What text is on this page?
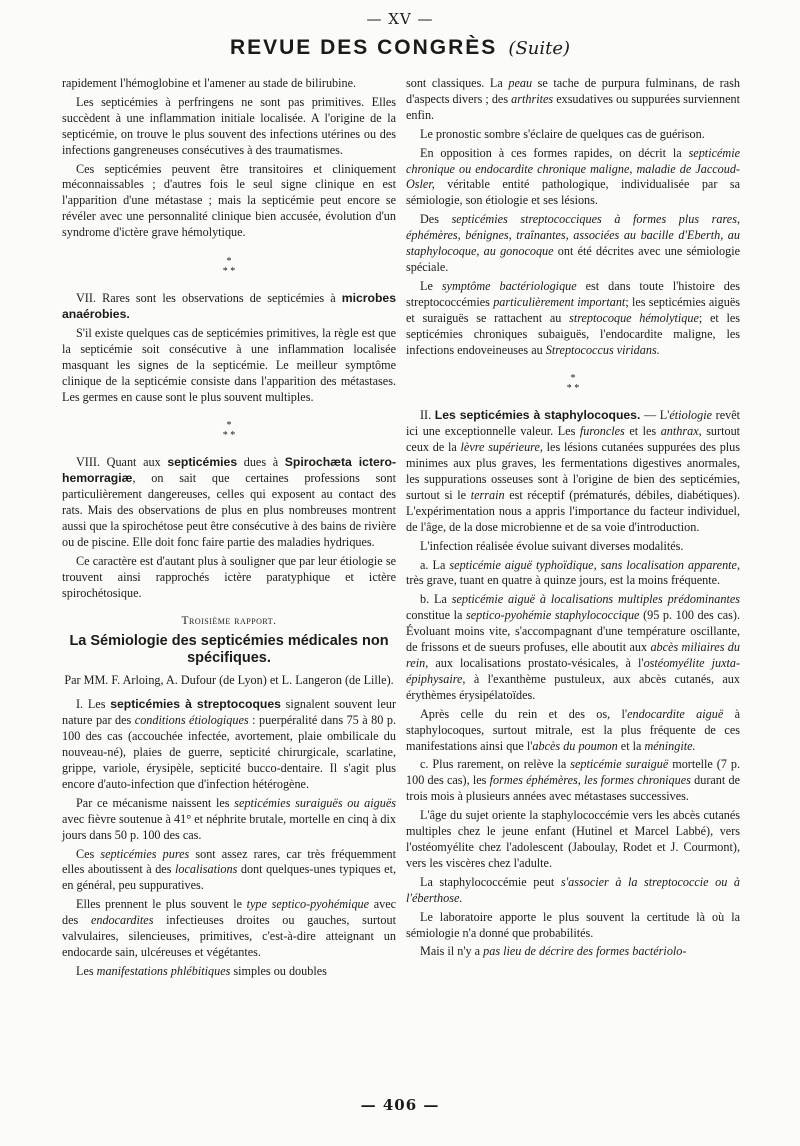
— XV —
REVUE DES CONGRÈS (Suite)

rapidement l'hémoglobine et l'amener au stade de bilirubine.

Les septicémies à perfringens ne sont pas primitives. Elles succèdent à une inflammation initiale localisée. A l'origine de la septicémie, on trouve le plus souvent des infections utérines ou des infections gangreneuses consécutives à des traumatismes.

Ces septicémies peuvent être transitoires et cliniquement méconnaissables ; d'autres fois le seul signe clinique en est l'apparition d'une métastase ; mais la septicémie peut encore se révéler avec une personnalité clinique bien accusée, évolution d'un syndrome d'ictère grave hémolytique.

*
* *

VII. Rares sont les observations de septicémies à microbes anaérobies.

S'il existe quelques cas de septicémies primitives, la règle est que la septicémie soit consécutive à une inflammation localisée masquant les signes de la septicémie. Le meilleur symptôme clinique de la septicémie consiste dans l'apparition des métastases. Les germes en cause sont le plus souvent multiples.

*
* *

VIII. Quant aux septicémies dues à Spirochæta ictero-hemorragiæ, on sait que certaines professions sont particulièrement dangereuses, celles qui exposent au contact des rats. Mais des observations de plus en plus nombreuses montrent aussi que la spirochétose peut être consécutive à des bains de rivière ou de piscine. Elle doit fonc faire partie des maladies hydriques.

Ce caractère est d'autant plus à souligner que par leur étiologie se trouvent ainsi rapprochés ictère paratyphique et ictère spirochétosique.

Troisième rapport.
La Sémiologie des septicémies médicales non spécifiques.
Par MM. F. Arloing, A. Dufour (de Lyon) et L. Langeron (de Lille).

I. Les septicémies à streptocoques signalent souvent leur nature par des conditions étiologiques : puerpéralité dans 75 à 80 p. 100 des cas (accouchée infectée, avortement, plaie ombilicale du nouveau-né), plaies de guerre, septicité chirurgicale, scarlatine, grippe, variole, érysipèle, septicité bucco-dentaire. Il s'agit plus encore d'auto-infection que d'infection hétérogène.

Par ce mécanisme naissent les septicémies suraiguës ou aiguës avec fièvre soutenue à 41° et néphrite brutale, mortelle en cinq à dix jours dans 50 p. 100 des cas.

Ces septicémies pures sont assez rares, car très fréquemment elles aboutissent à des localisations dont quelques-unes typiques et, en général, peu suppuratives.

Elles prennent le plus souvent le type septico-pyohémique avec des endocardites infectieuses droites ou gauches, surtout valvulaires, silencieuses, primitives, c'est-à-dire atteignant un endocarde sain, ulcéreuses et végétantes.

Les manifestations phlébitiques simples ou doubles

sont classiques. La peau se tache de purpura fulminans, de rash d'aspects divers ; des arthrites exsudatives ou suppurées surviennent enfin.

Le pronostic sombre s'éclaire de quelques cas de guérison.

En opposition à ces formes rapides, on décrit la septicémie chronique ou endocardite chronique maligne, maladie de Jaccoud-Osler, véritable entité pathologique, individualisée par sa sémiologie, son étiologie et ses lésions.

Des septicémies streptococciques à formes plus rares, éphémères, bénignes, traînantes, associées au bacille d'Eberth, au staphylocoque, au gonocoque ont été décrites avec une sémiologie spéciale.

Le symptôme bactériologique est dans toute l'histoire des streptococcémies particulièrement important; les septicémies aiguës et suraiguës se rattachent au streptocoque hémolytique; et les septicémies chroniques subaiguës, l'endocardite maligne, les infections endoveineuses au Streptococcus viridans.

*
* *

II. Les septicémies à staphylocoques. — L'étiologie revêt ici une exceptionnelle valeur. Les furoncles et les anthrax, surtout ceux de la lèvre supérieure, les lésions cutanées suppurées des plus minimes aux plus graves, les fermentations digestives anormales, les suppurations osseuses sont à l'origine de bien des septicémies, surtout si le terrain est réceptif (prématurés, débiles, diabétiques). L'expérimentation nous a appris l'importance du facteur individuel, de l'âge, de la dose microbienne et de sa voie d'introduction.

L'infection réalisée évolue suivant diverses modalités.

a. La septicémie aiguë typhoïdique, sans localisation apparente, très grave, tuant en quatre à quinze jours, est la moins fréquente.

b. La septicémie aiguë à localisations multiples prédominantes constitue la septico-pyohémie staphylococcique (95 p. 100 des cas). Évoluant moins vite, s'accompagnant d'une température oscillante, de frissons et de sueurs profuses, elle aboutit aux abcès miliaires du rein, aux localisations prostato-vésicales, à l'ostéomyélite juxta-épiphysaire, à l'exanthème pustuleux, aux abcès cutanés, aux érythèmes érysipélatoïdes.

Après celle du rein et des os, l'endocardite aiguë à staphylocoques, surtout mitrale, est la plus fréquente de ces manifestations ainsi que l'abcès du poumon et la méningite.

c. Plus rarement, on relève la septicémie suraiguë mortelle (7 p. 100 des cas), les formes éphémères, les formes chroniques durant de trois mois à plusieurs années avec métastases successives.

L'âge du sujet oriente la staphylococcémie vers les abcès cutanés multiples chez le jeune enfant (Hutinel et Marcel Labbé), vers l'ostéomyélite chez l'adolescent (Jaboulay, Rodet et J. Courmont), vers les viscères chez l'adulte.

La staphylococcémie peut s'associer à la streptococcie ou à l'éberthose.

Le laboratoire apporte le plus souvent la certitude là où la sémiologie n'a donné que probabilités.

Mais il n'y a pas lieu de décrire des formes bactériolo-

— 406 —
